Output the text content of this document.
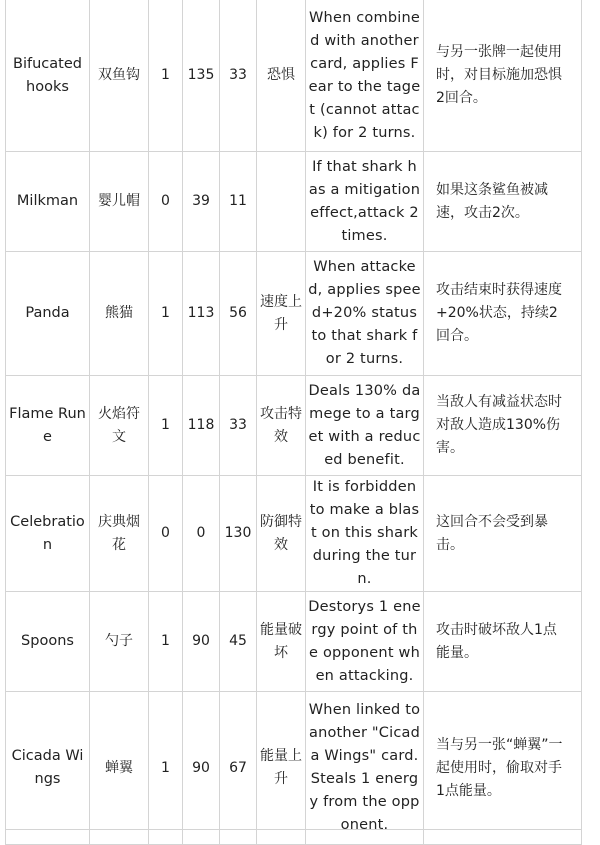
Bifucated hooks	双鱼钩	1	135	33	恐惧	When combined with another card, applies Fear to the taget (cannot attack) for 2 turns.	与另一张牌一起使用时，对目标施加恐惧2回合。
Milkman	婴儿帽	0	39	11		If that shark has a mitigation effect,attack 2 times.	如果这条鲨鱼被减速，攻击2次。
Panda	熊猫	1	113	56	速度上升	When attacked, applies speed+20% status to that shark for 2 turns.	攻击结束时获得速度+20%状态，持续2回合。
Flame Rune	火焰符文	1	118	33	攻击特效	Deals 130% damege to a target with a reduced benefit.	当敌人有减益状态时对敌人造成130%伤害。
Celebration	庆典烟花	0	0	130	防御特效	It is forbidden to make a blast on this shark during the turn.	这回合不会受到暴击。
Spoons	勺子	1	90	45	能量破坏	Destorys 1 energy point of the opponent when attacking.	攻击时破坏敌人1点能量。
Cicada Wings	蝉翼	1	90	67	能量上升	When linked to another "Cicada Wings" card. Steals 1 energy from the opponent.	当与另一张“蝉翼”一起使用时，偷取对手1点能量。
